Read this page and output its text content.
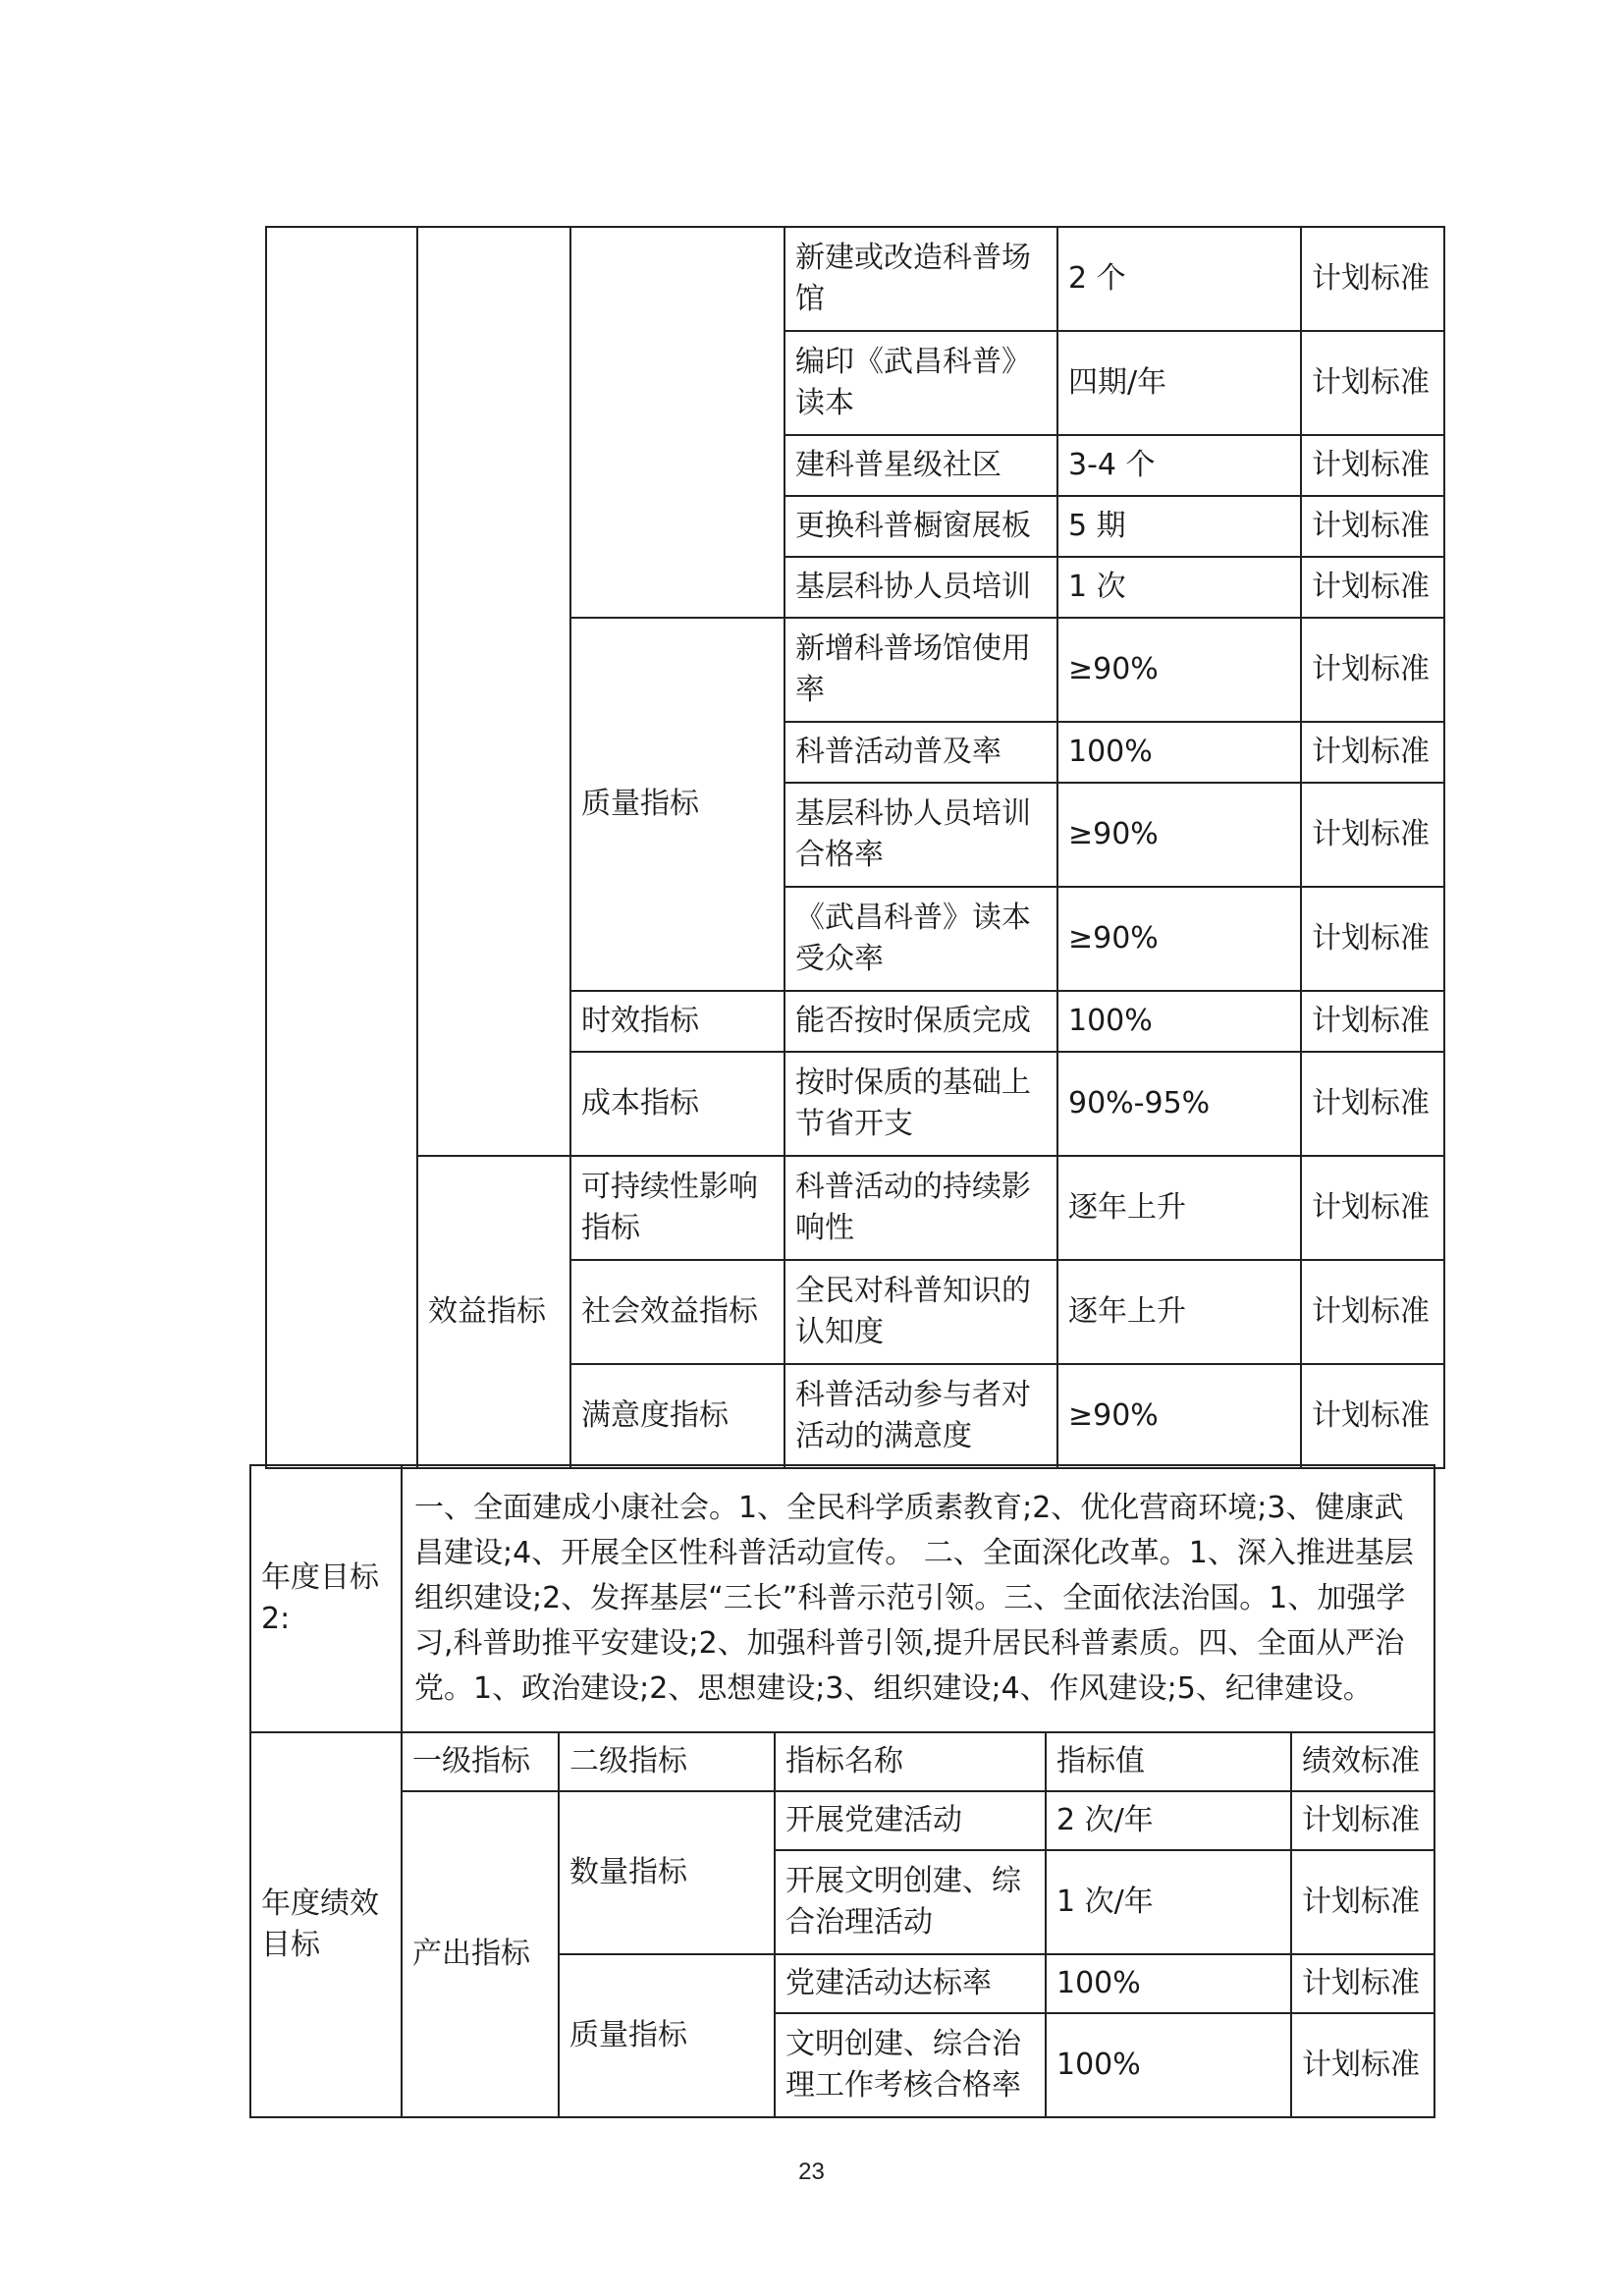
			新建或改造科普场馆	2 个	计划标准
			编印《武昌科普》读本	四期/年	计划标准
			建科普星级社区	3-4 个	计划标准
			更换科普橱窗展板	5 期	计划标准
			基层科协人员培训	1 次	计划标准
		质量指标	新增科普场馆使用率	≥90%	计划标准
			科普活动普及率	100%	计划标准
			基层科协人员培训合格率	≥90%	计划标准
			《武昌科普》读本受众率	≥90%	计划标准
		时效指标	能否按时保质完成	100%	计划标准
		成本指标	按时保质的基础上节省开支	90%-95%	计划标准
	效益指标	可持续性影响指标	科普活动的持续影响性	逐年上升	计划标准
		社会效益指标	全民对科普知识的认知度	逐年上升	计划标准
		满意度指标	科普活动参与者对活动的满意度	≥90%	计划标准
年度目标2:	一、全面建成小康社会。1、全民科学质素教育;2、优化营商环境;3、健康武昌建设;4、开展全区性科普活动宣传。 二、全面深化改革。1、深入推进基层组织建设;2、发挥基层“三长”科普示范引领。三、全面依法治国。1、加强学习,科普助推平安建设;2、加强科普引领,提升居民科普素质。四、全面从严治党。1、政治建设;2、思想建设;3、组织建设;4、作风建设;5、纪律建设。
年度绩效目标	一级指标	二级指标	指标名称	指标值	绩效标准
	产出指标	数量指标	开展党建活动	2 次/年	计划标准
			开展文明创建、综合治理活动	1 次/年	计划标准
		质量指标	党建活动达标率	100%	计划标准
			文明创建、综合治理工作考核合格率	100%	计划标准
23
